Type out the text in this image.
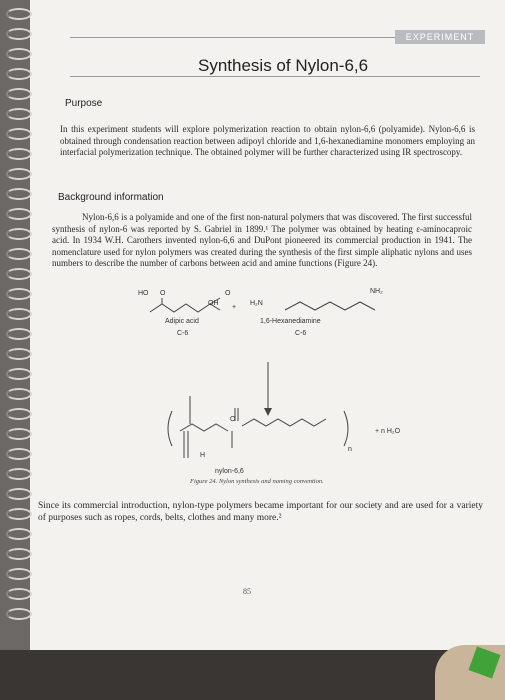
EXPERIMENT
Synthesis of Nylon-6,6
Purpose
In this experiment students will explore polymerization reaction to obtain nylon-6,6 (polyamide). Nylon-6,6 is obtained through condensation reaction between adipoyl chloride and 1,6-hexanediamine monomers employing an interfacial polymerization technique. The obtained polymer will be further characterized using IR spectroscopy.
Background information
Nylon-6,6 is a polyamide and one of the first non-natural polymers that was discovered. The first successful synthesis of nylon-6 was reported by S. Gabriel in 1899.¹ The polymer was obtained by heating ε-aminocaproic acid. In 1934 W.H. Carothers invented nylon-6,6 and DuPont pioneered its commercial production in 1941. The nomenclature used for nylon polymers was created during the synthesis of the first simple aliphatic nylons and uses numbers to describe the number of carbons between acid and amine functions (Figure 24).
HO O	O
OH
+
H₂N
NH₂
Adipic acid
C-6
1,6-Hexanediamine
C-6
O
H
n
+ n H₂O
nylon-6,6
Figure 24. Nylon synthesis and naming convention.
Since its commercial introduction, nylon-type polymers became important for our society and are used for a variety of purposes such as ropes, cords, belts, clothes and many more.²
85
